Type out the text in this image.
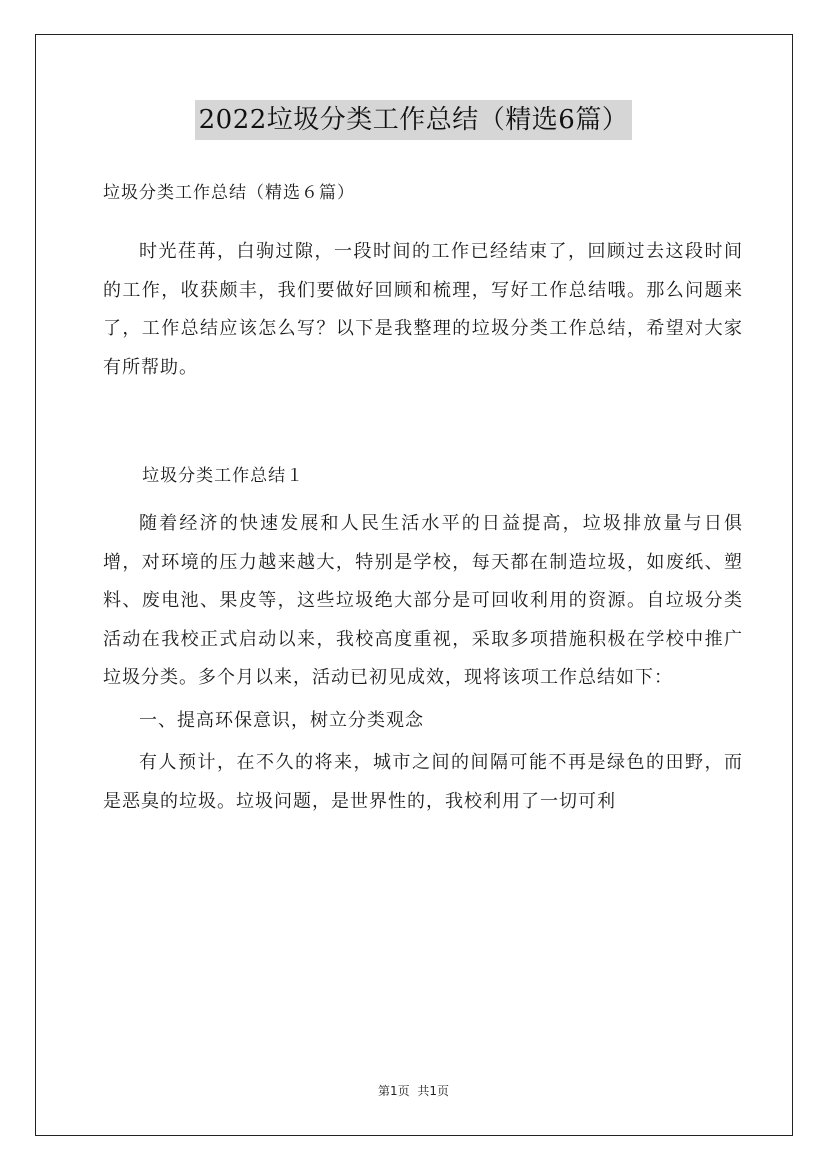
2022垃圾分类工作总结（精选6篇）

垃圾分类工作总结（精选６篇）

时光荏苒，白驹过隙，一段时间的工作已经结束了，回顾过去这段时间的工作，收获颇丰，我们要做好回顾和梳理，写好工作总结哦。那么问题来了，工作总结应该怎么写？以下是我整理的垃圾分类工作总结，希望对大家有所帮助。

垃圾分类工作总结１

随着经济的快速发展和人民生活水平的日益提高，垃圾排放量与日俱增，对环境的压力越来越大，特别是学校，每天都在制造垃圾，如废纸、塑料、废电池、果皮等，这些垃圾绝大部分是可回收利用的资源。自垃圾分类活动在我校正式启动以来，我校高度重视，采取多项措施积极在学校中推广垃圾分类。多个月以来，活动已初见成效，现将该项工作总结如下：

一、提高环保意识，树立分类观念

有人预计，在不久的将来，城市之间的间隔可能不再是绿色的田野，而是恶臭的垃圾。垃圾问题，是世界性的，我校利用了一切可利

第1页 共1页
